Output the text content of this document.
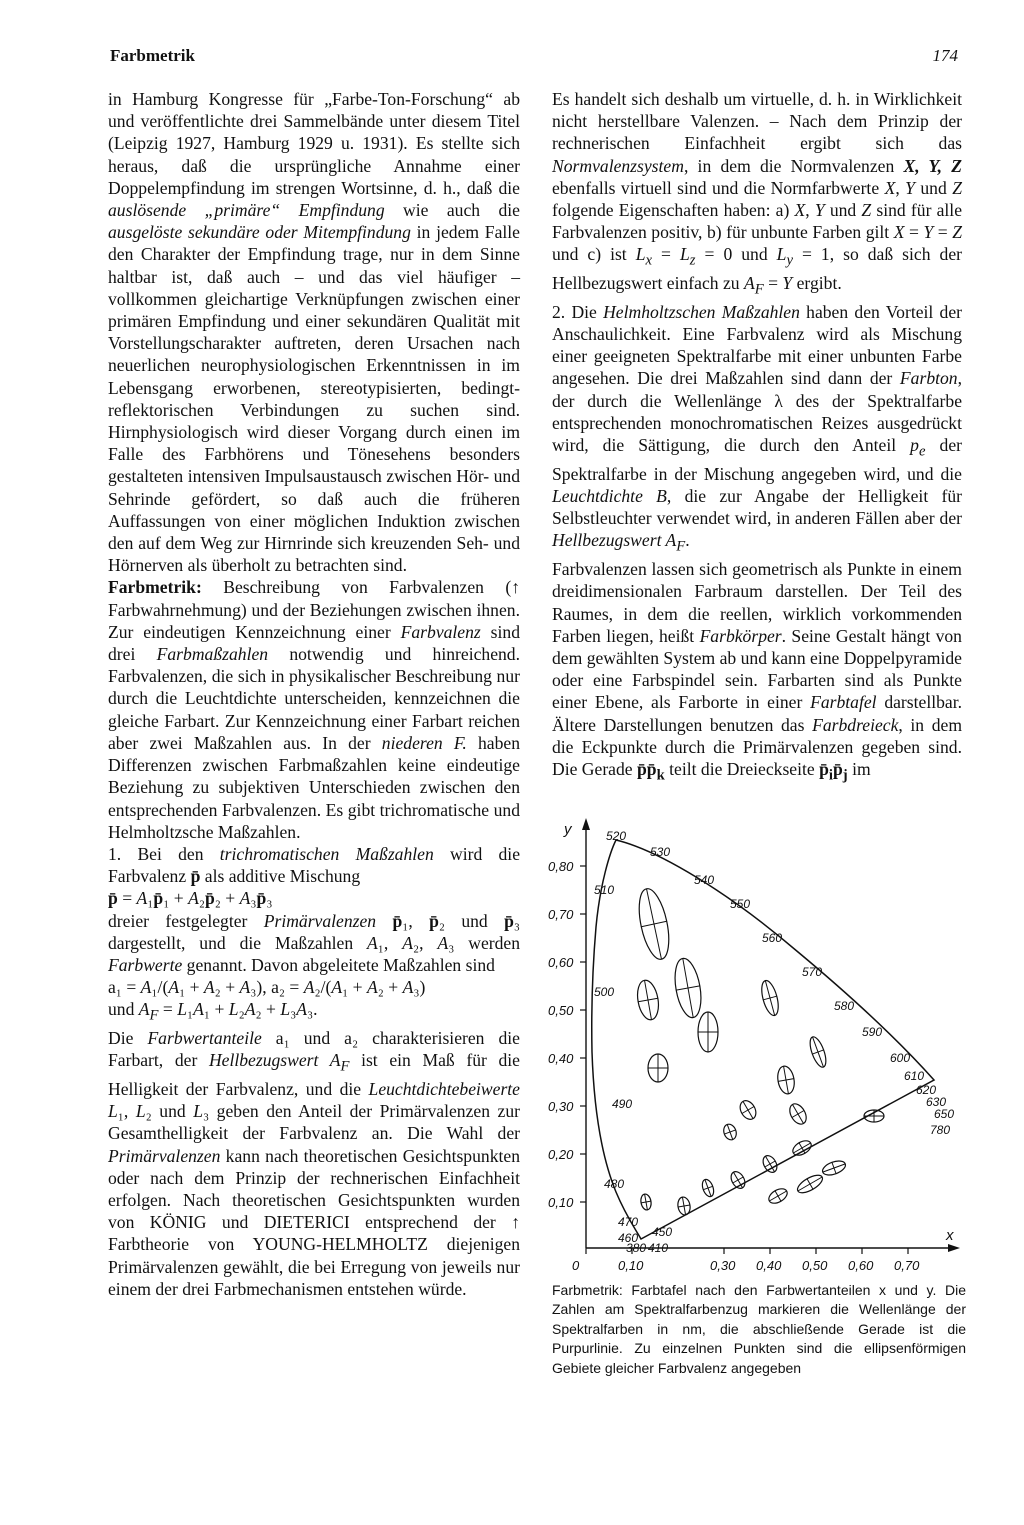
Farbmetrik	174

in Hamburg Kongresse für „Farbe-Ton-Forschung“ ab und veröffentlichte drei Sammelbände unter diesem Titel (Leipzig 1927, Hamburg 1929 u. 1931). Es stellte sich heraus, daß die ursprüngliche Annahme einer Doppelempfindung im strengen Wortsinne, d. h., daß die auslösende „primäre“ Empfindung wie auch die ausgelöste sekundäre oder Mitempfindung in jedem Falle den Charakter der Empfindung trage, nur in dem Sinne haltbar ist, daß auch – und das viel häufiger – vollkommen gleichartige Verknüpfungen zwischen einer primären Empfindung und einer sekundären Qualität mit Vorstellungscharakter auftreten, deren Ursachen nach neuerlichen neurophysiologischen Erkenntnissen in im Lebensgang erworbenen, stereotypisierten, bedingt-reflektorischen Verbindungen zu suchen sind. Hirnphysiologisch wird dieser Vorgang durch einen im Falle des Farbhörens und Tönesehens besonders gestalteten intensiven Impulsaustausch zwischen Hör- und Sehrinde gefördert, so daß auch die früheren Auffassungen von einer möglichen Induktion zwischen den auf dem Weg zur Hirnrinde sich kreuzenden Seh- und Hörnerven als überholt zu betrachten sind.

Farbmetrik: Beschreibung von Farbvalenzen (↑ Farbwahrnehmung) und der Beziehungen zwischen ihnen. Zur eindeutigen Kennzeichnung einer Farbvalenz sind drei Farbmaßzahlen notwendig und hinreichend. Farbvalenzen, die sich in physikalischer Beschreibung nur durch die Leuchtdichte unterscheiden, kennzeichnen die gleiche Farbart. Zur Kennzeichnung einer Farbart reichen aber zwei Maßzahlen aus. In der niederen F. haben Differenzen zwischen Farbmaßzahlen keine eindeutige Beziehung zu subjektiven Unterschieden zwischen den entsprechenden Farbvalenzen. Es gibt trichromatische und Helmholtzsche Maßzahlen.

1. Bei den trichromatischen Maßzahlen wird die Farbvalenz p̄ als additive Mischung

p̄ = A₁p̄₁ + A₂p̄₂ + A₃p̄₃

dreier festgelegter Primärvalenzen p̄₁, p̄₂ und p̄₃ dargestellt, und die Maßzahlen A₁, A₂, A₃ werden Farbwerte genannt. Davon abgeleitete Maßzahlen sind

a₁ = A₁/(A₁ + A₂ + A₃), a₂ = A₂/(A₁ + A₂ + A₃)

und $A_F = L_1A_1 + L_2A_2 + L_3A_3$.

Die Farbwertanteile a₁ und a₂ charakterisieren die Farbart, der Hellbezugswert $A_F$ ist ein Maß für die Helligkeit der Farbvalenz, und die Leuchtdichtebeiwerte L₁, L₂ und L₃ geben den Anteil der Primärvalenzen zur Gesamthelligkeit der Farbvalenz an. Die Wahl der Primärvalenzen kann nach theoretischen Gesichtspunkten oder nach dem Prinzip der rechnerischen Einfachheit erfolgen. Nach theoretischen Gesichtspunkten wurden von KÖNIG und DIETERICI entsprechend der ↑ Farbtheorie von YOUNG-HELMHOLTZ diejenigen Primärvalenzen gewählt, die bei Erregung von jeweils nur einem der drei Farbmechanismen entstehen würde.

Es handelt sich deshalb um virtuelle, d. h. in Wirklichkeit nicht herstellbare Valenzen. – Nach dem Prinzip der rechnerischen Einfachheit ergibt sich das Normvalenzsystem, in dem die Normvalenzen X, Y, Z ebenfalls virtuell sind und die Normfarbwerte X, Y und Z folgende Eigenschaften haben: a) X, Y und Z sind für alle Farbvalenzen positiv, b) für unbunte Farben gilt X = Y = Z und c) ist $L_x = L_z = 0$ und $L_y = 1$, so daß sich der Hellbezugswert einfach zu $A_F = Y$ ergibt.

2. Die Helmholtzschen Maßzahlen haben den Vorteil der Anschaulichkeit. Eine Farbvalenz wird als Mischung einer geeigneten Spektralfarbe mit einer unbunten Farbe angesehen. Die drei Maßzahlen sind dann der Farbton, der durch die Wellenlänge λ des der Spektralfarbe entsprechenden monochromatischen Reizes ausgedrückt wird, die Sättigung, die durch den Anteil $p_e$ der Spektralfarbe in der Mischung angegeben wird, und die Leuchtdichte B, die zur Angabe der Helligkeit für Selbstleuchter verwendet wird, in anderen Fällen aber der Hellbezugswert $A_F$.

Farbvalenzen lassen sich geometrisch als Punkte in einem dreidimensionalen Farbraum darstellen. Der Teil des Raumes, in dem die reellen, wirklich vorkommenden Farben liegen, heißt Farbkörper. Seine Gestalt hängt von dem gewählten System ab und kann eine Doppelpyramide oder eine Farbspindel sein. Farbarten sind als Punkte einer Ebene, als Farborte in einer Farbtafel darstellbar. Ältere Darstellungen benutzen das Farbdreieck, in dem die Eckpunkte durch die Primärvalenzen gegeben sind. Die Gerade $p̄p̄_k$ teilt die Dreieckseite $p̄_ip̄_j$ im

y
x
0	0,10	0,30 0,40 0,50 0,60 0,70
0,10
0,20
0,30
0,40
0,50
0,60
0,70
0,80
380 410
450
460
470
480
490
500
510
520
530
540
550
560
570
580
590
600
610
620
630
650
780
Farbmetrik: Farbtafel nach den Farbwertanteilen x und y. Die Zahlen am Spektralfarbenzug markieren die Wellenlänge der Spektralfarben in nm, die abschließende Gerade ist die Purpurlinie. Zu einzelnen Punkten sind die ellipsenförmigen Gebiete gleicher Farbvalenz angegeben
